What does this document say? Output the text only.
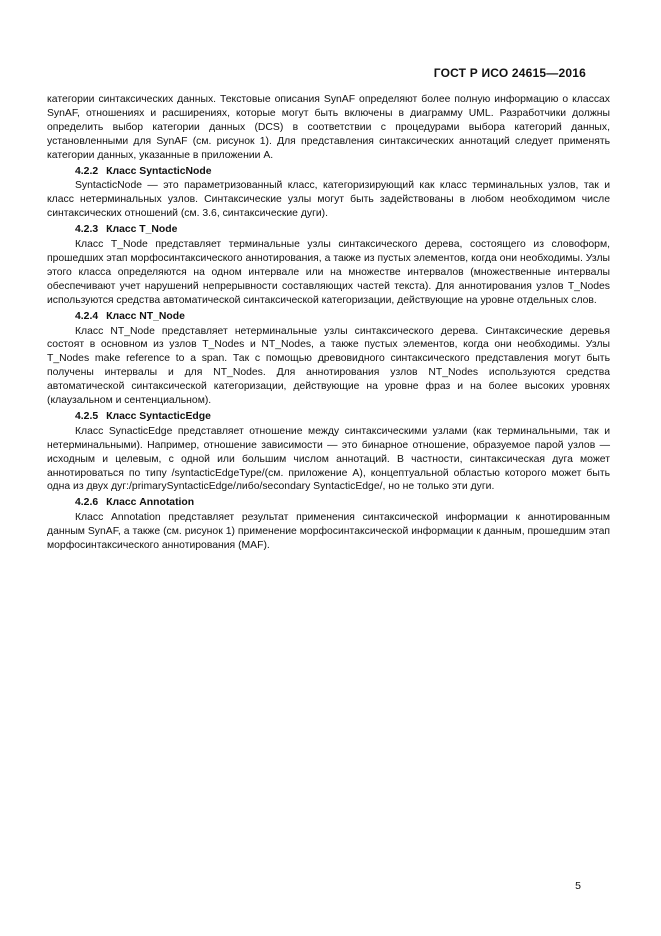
ГОСТ Р ИСО 24615—2016

категории синтаксических данных. Текстовые описания SynAF определяют более полную информацию о классах SynAF, отношениях и расширениях, которые могут быть включены в диаграмму UML. Разработчики должны определить выбор категории данных (DCS) в соответствии с процедурами выбора категорий данных, установленными для SynAF (см. рисунок 1). Для представления синтаксических аннотаций следует применять категории данных, указанные в приложении А.

4.2.2 Класс SyntacticNode

SyntacticNode — это параметризованный класс, категоризирующий как класс терминальных узлов, так и класс нетерминальных узлов. Синтаксические узлы могут быть задействованы в любом необходимом числе синтаксических отношений (см. 3.6, синтаксические дуги).

4.2.3 Класс T_Node

Класс T_Node представляет терминальные узлы синтаксического дерева, состоящего из словоформ, прошедших этап морфосинтаксического аннотирования, а также из пустых элементов, когда они необходимы. Узлы этого класса определяются на одном интервале или на множестве интервалов (множественные интервалы обеспечивают учет нарушений непрерывности составляющих частей текста). Для аннотирования узлов T_Nodes используются средства автоматической синтаксической категоризации, действующие на уровне отдельных слов.

4.2.4 Класс NT_Node

Класс NT_Node представляет нетерминальные узлы синтаксического дерева. Синтаксические деревья состоят в основном из узлов T_Nodes и NT_Nodes, а также пустых элементов, когда они необходимы. Узлы T_Nodes make reference to a span. Так с помощью древовидного синтаксического представления могут быть получены интервалы и для NT_Nodes. Для аннотирования узлов NT_Nodes используются средства автоматической синтаксической категоризации, действующие на уровне фраз и на более высоких уровнях (клаузальном и сентенциальном).

4.2.5 Класс SyntacticEdge

Класс SynacticEdge представляет отношение между синтаксическими узлами (как терминальными, так и нетерминальными). Например, отношение зависимости — это бинарное отношение, образуемое парой узлов — исходным и целевым, с одной или большим числом аннотаций. В частности, синтаксическая дуга может аннотироваться по типу /syntacticEdgeType/(см. приложение А), концептуальной областью которого может быть одна из двух дуг:/primarySyntacticEdge/либо/secondary SyntacticEdge/, но не только эти дуги.

4.2.6 Класс Annotation

Класс Annotation представляет результат применения синтаксической информации к аннотированным данным SynAF, а также (см. рисунок 1) применение морфосинтаксической информации к данным, прошедшим этап морфосинтаксического аннотирования (MAF).

5
